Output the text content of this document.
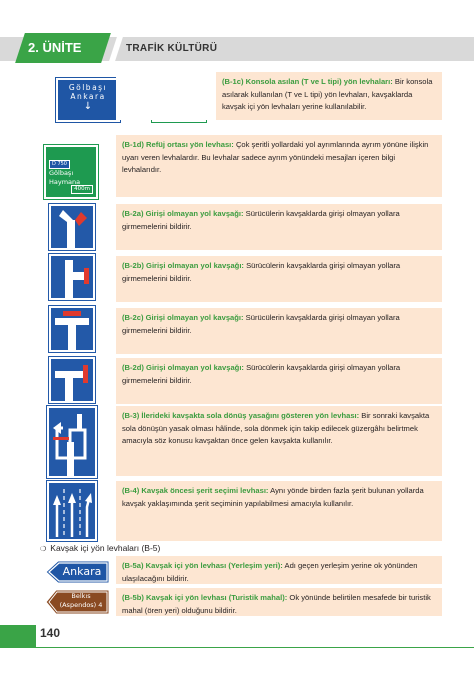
2. ÜNİTE	TRAFİK KÜLTÜRÜ
Gölbaşı
Ankara
↓
(B-1c) Konsola asılan (T ve L tipi) yön levhaları: Bir konsola asılarak kullanılan (T ve L tipi) yön levhaları, kavşaklarda kavşak içi yön levhaları yerine kullanılabilir.
D 750
Gölbaşı
Haymana
400m
(B-1d) Refüj ortası yön levhası: Çok şeritli yollardaki yol ayrımlarında ayrım yönüne ilişkin uyarı veren levhalardır. Bu levhalar sadece ayrım yönündeki mesajları içeren bilgi levhalarıdır.
(B-2a) Girişi olmayan yol kavşağı: Sürücülerin kavşaklarda girişi olmayan yollara girmemelerini bildirir.
(B-2b) Girişi olmayan yol kavşağı: Sürücülerin kavşaklarda girişi olmayan yollara girmemelerini bildirir.
(B-2c) Girişi olmayan yol kavşağı: Sürücülerin kavşaklarda girişi olmayan yollara girmemelerini bildirir.
(B-2d) Girişi olmayan yol kavşağı: Sürücülerin kavşaklarda girişi olmayan yollara girmemelerini bildirir.
(B-3) İlerideki kavşakta sola dönüş yasağını gösteren yön levhası: Bir sonraki kavşakta sola dönüşün yasak olması hâlinde, sola dönmek için takip edilecek güzergâhı belirtmek amacıyla söz konusu kavşaktan önce gelen kavşakta kullanılır.
(B-4) Kavşak öncesi şerit seçimi levhası: Aynı yönde birden fazla şerit bulunan yollarda kavşak yaklaşımında şerit seçiminin yapılabilmesi amacıyla kullanılır.
❍ Kavşak içi yön levhaları (B-5)
Ankara	(B-5a) Kavşak içi yön levhası (Yerleşim yeri): Adı geçen yerleşim yerine ok yönünden ulaşılacağını bildirir.
Belkıs
(Aspendos) 4
(B-5b) Kavşak içi yön levhası (Turistik mahal): Ok yönünde belirtilen mesafede bir turistik mahal (ören yeri) olduğunu bildirir.
140
